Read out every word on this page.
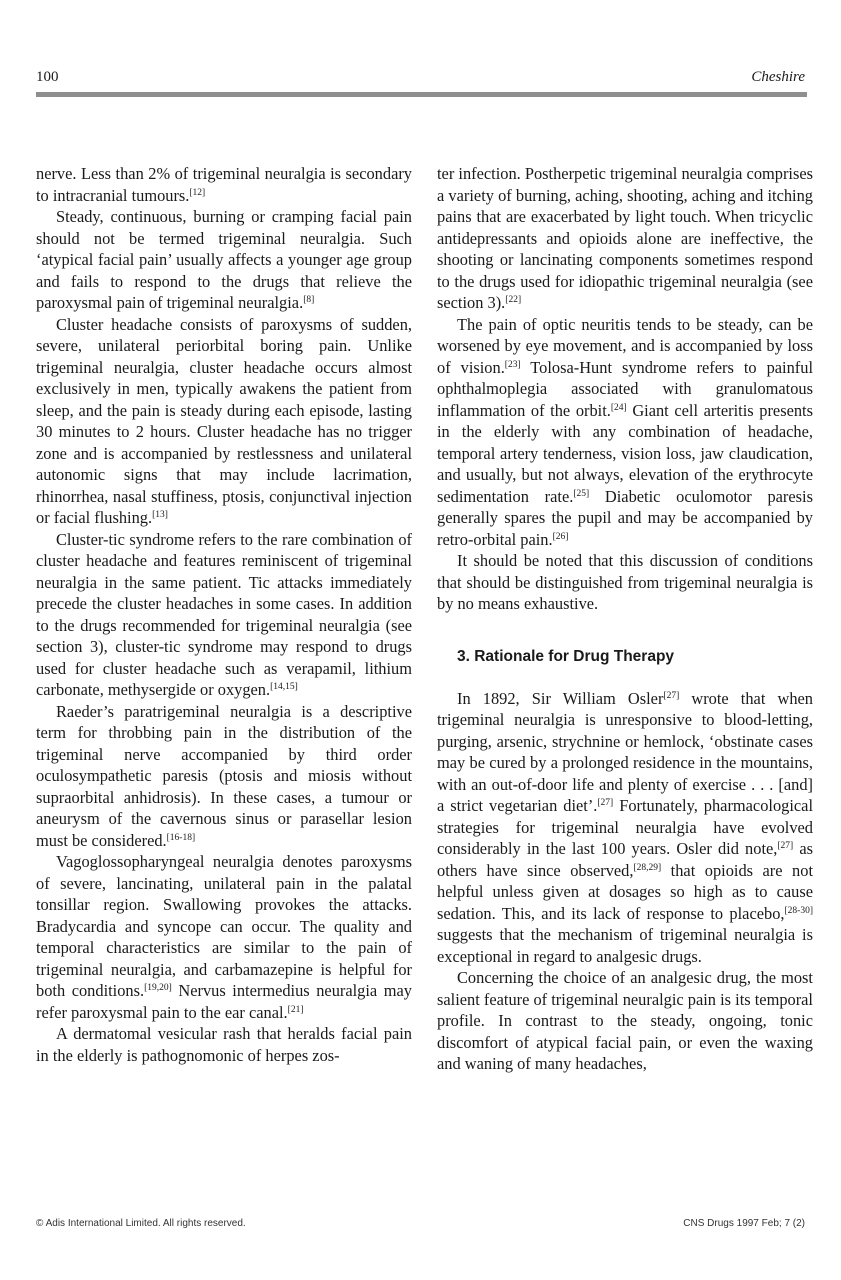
100	Cheshire

nerve. Less than 2% of trigeminal neuralgia is secondary to intracranial tumours.[12]

Steady, continuous, burning or cramping facial pain should not be termed trigeminal neuralgia. Such ‘atypical facial pain’ usually affects a younger age group and fails to respond to the drugs that relieve the paroxysmal pain of trigeminal neuralgia.[8]

Cluster headache consists of paroxysms of sudden, severe, unilateral periorbital boring pain. Unlike trigeminal neuralgia, cluster headache occurs almost exclusively in men, typically awakens the patient from sleep, and the pain is steady during each episode, lasting 30 minutes to 2 hours. Cluster headache has no trigger zone and is accompanied by restlessness and unilateral autonomic signs that may include lacrimation, rhinorrhea, nasal stuffiness, ptosis, conjunctival injection or facial flushing.[13]

Cluster-tic syndrome refers to the rare combination of cluster headache and features reminiscent of trigeminal neuralgia in the same patient. Tic attacks immediately precede the cluster headaches in some cases. In addition to the drugs recommended for trigeminal neuralgia (see section 3), cluster-tic syndrome may respond to drugs used for cluster headache such as verapamil, lithium carbonate, methysergide or oxygen.[14,15]

Raeder’s paratrigeminal neuralgia is a descriptive term for throbbing pain in the distribution of the trigeminal nerve accompanied by third order oculosympathetic paresis (ptosis and miosis without supraorbital anhidrosis). In these cases, a tumour or aneurysm of the cavernous sinus or parasellar lesion must be considered.[16-18]

Vagoglossopharyngeal neuralgia denotes paroxysms of severe, lancinating, unilateral pain in the palatal tonsillar region. Swallowing provokes the attacks. Bradycardia and syncope can occur. The quality and temporal characteristics are similar to the pain of trigeminal neuralgia, and carbamazepine is helpful for both conditions.[19,20] Nervus intermedius neuralgia may refer paroxysmal pain to the ear canal.[21]

A dermatomal vesicular rash that heralds facial pain in the elderly is pathognomonic of herpes zos-

ter infection. Postherpetic trigeminal neuralgia comprises a variety of burning, aching, shooting, aching and itching pains that are exacerbated by light touch. When tricyclic antidepressants and opioids alone are ineffective, the shooting or lancinating components sometimes respond to the drugs used for idiopathic trigeminal neuralgia (see section 3).[22]

The pain of optic neuritis tends to be steady, can be worsened by eye movement, and is accompanied by loss of vision.[23] Tolosa-Hunt syndrome refers to painful ophthalmoplegia associated with granulomatous inflammation of the orbit.[24] Giant cell arteritis presents in the elderly with any combination of headache, temporal artery tenderness, vision loss, jaw claudication, and usually, but not always, elevation of the erythrocyte sedimentation rate.[25] Diabetic oculomotor paresis generally spares the pupil and may be accompanied by retro-orbital pain.[26]

It should be noted that this discussion of conditions that should be distinguished from trigeminal neuralgia is by no means exhaustive.

3. Rationale for Drug Therapy

In 1892, Sir William Osler[27] wrote that when trigeminal neuralgia is unresponsive to blood-letting, purging, arsenic, strychnine or hemlock, ‘obstinate cases may be cured by a prolonged residence in the mountains, with an out-of-door life and plenty of exercise . . . [and] a strict vegetarian diet’.[27] Fortunately, pharmacological strategies for trigeminal neuralgia have evolved considerably in the last 100 years. Osler did note,[27] as others have since observed,[28,29] that opioids are not helpful unless given at dosages so high as to cause sedation. This, and its lack of response to placebo,[28-30] suggests that the mechanism of trigeminal neuralgia is exceptional in regard to analgesic drugs.

Concerning the choice of an analgesic drug, the most salient feature of trigeminal neuralgic pain is its temporal profile. In contrast to the steady, ongoing, tonic discomfort of atypical facial pain, or even the waxing and waning of many headaches,

© Adis International Limited. All rights reserved.	CNS Drugs 1997 Feb; 7 (2)
